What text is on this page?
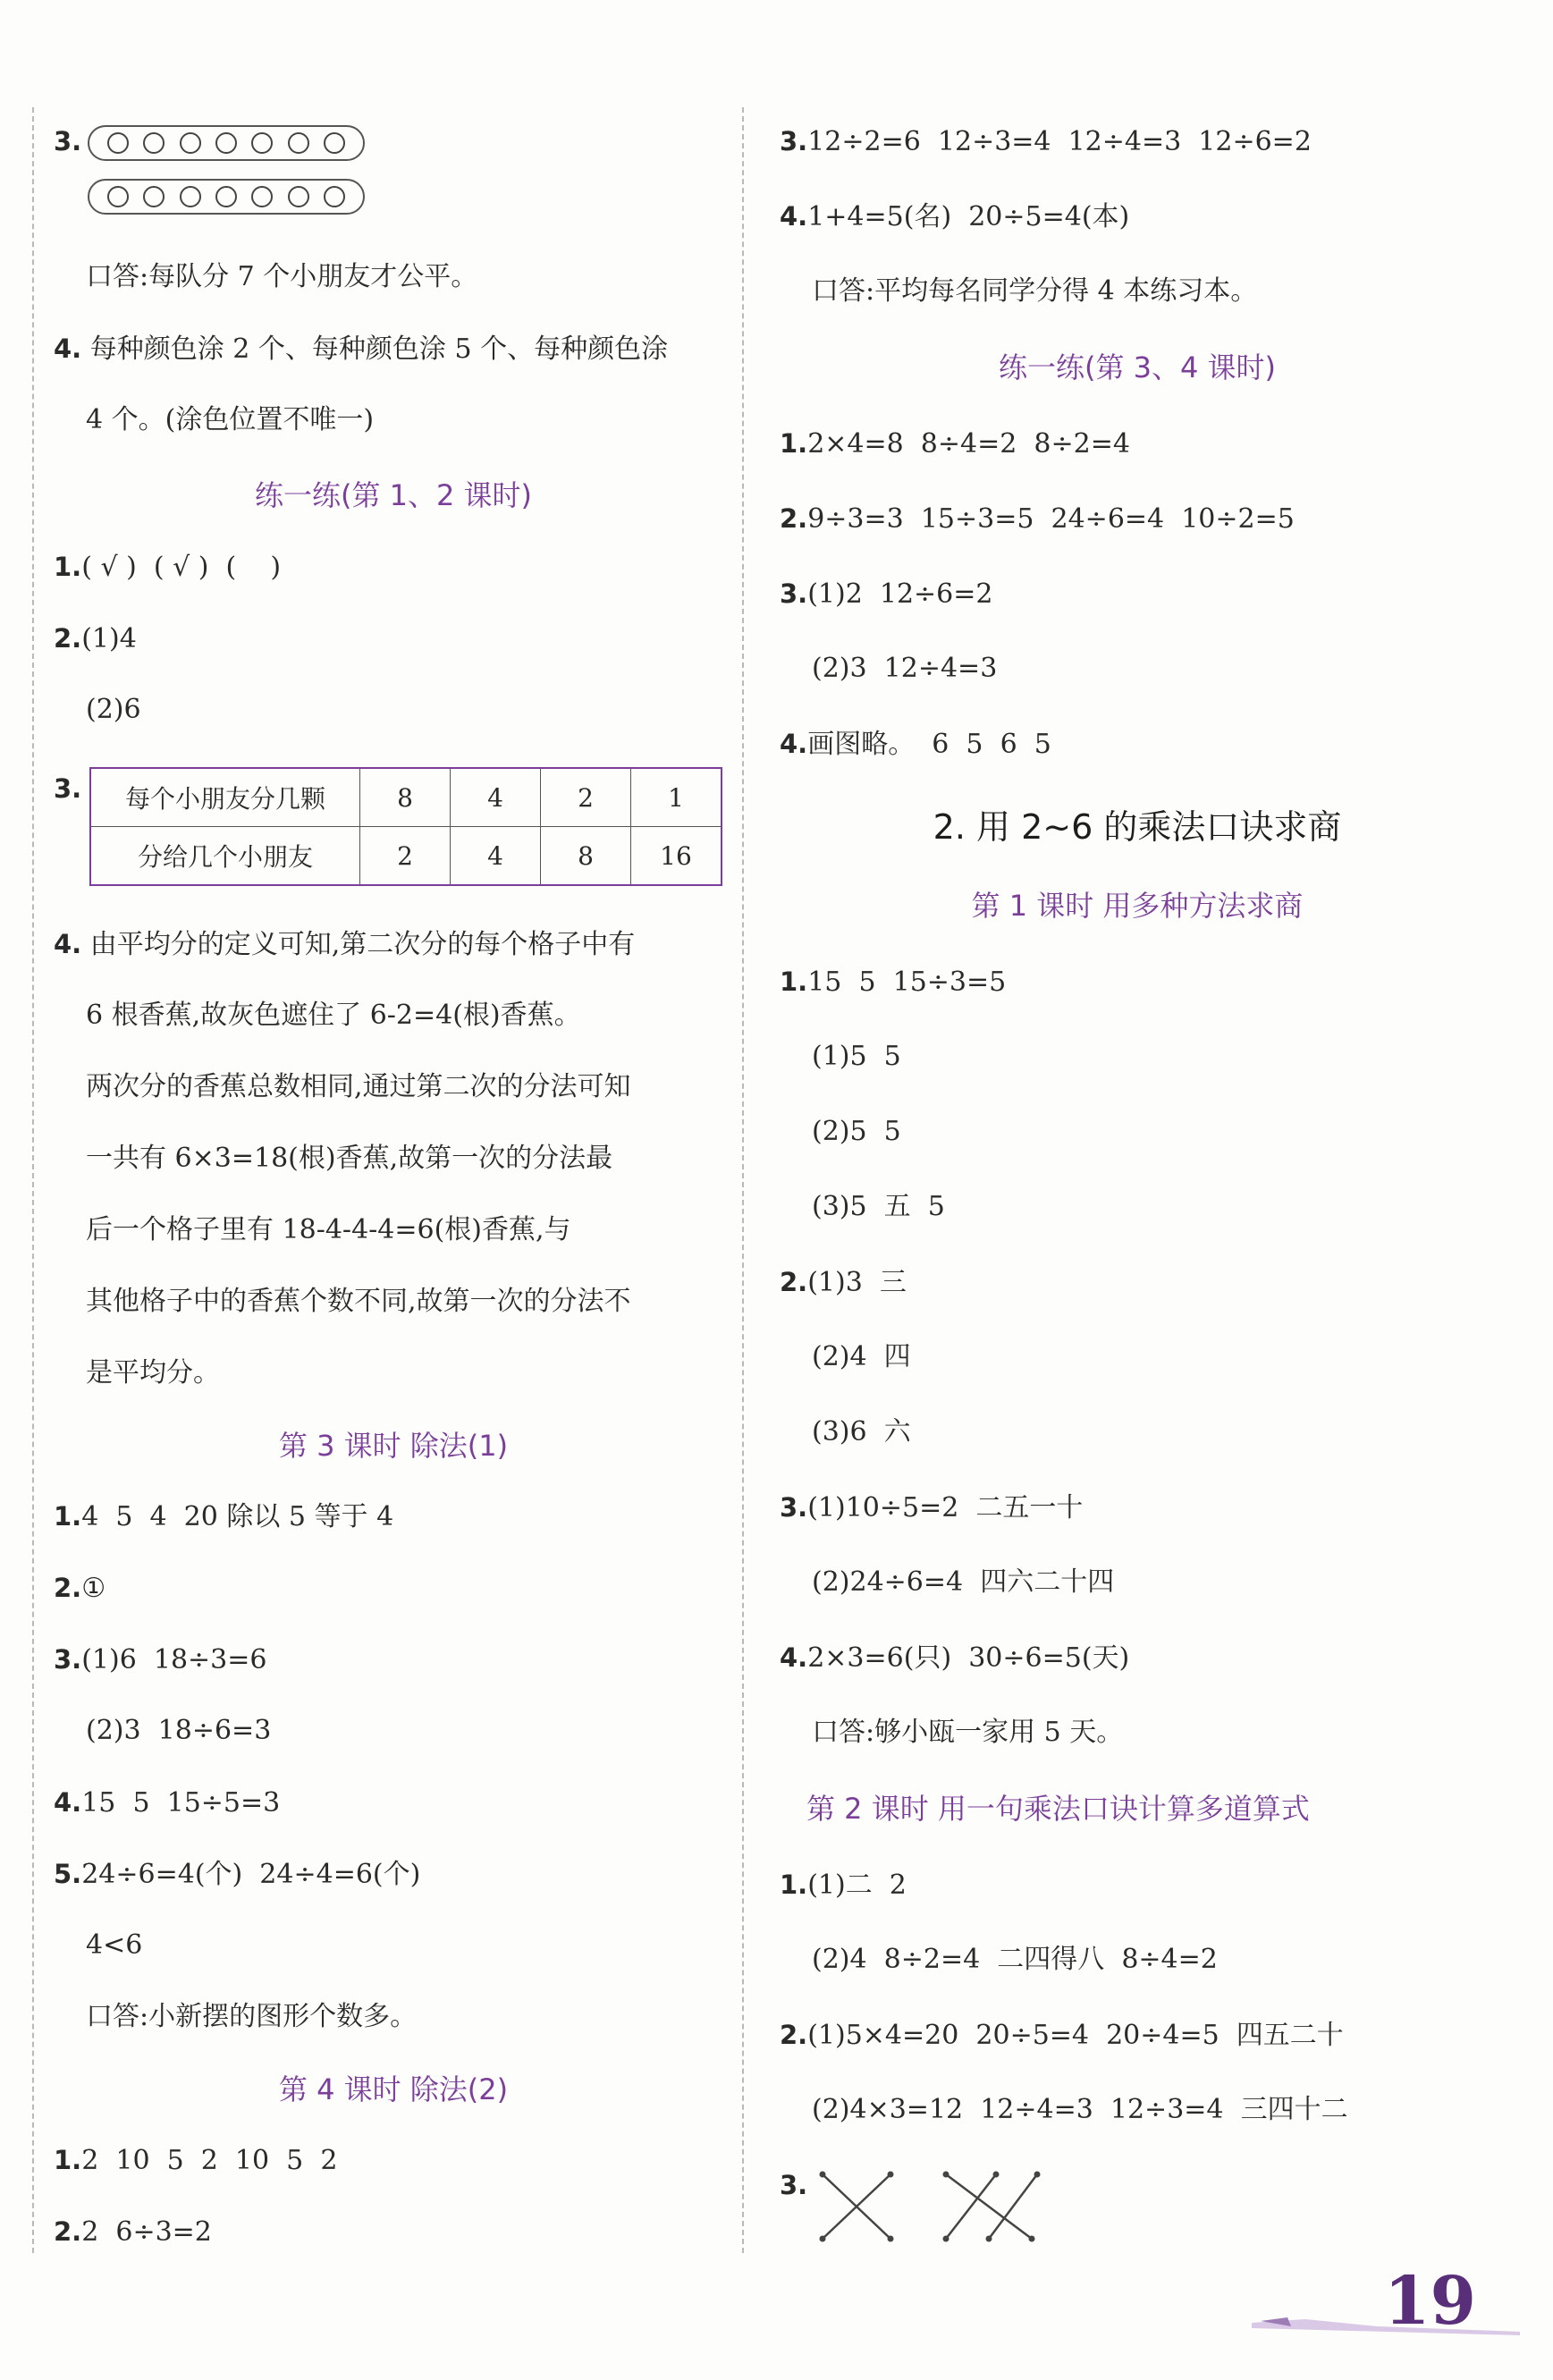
3.
口答:每队分 7 个小朋友才公平。
4. 每种颜色涂 2 个、每种颜色涂 5 个、每种颜色涂
4 个。(涂色位置不唯一)
练一练(第 1、2 课时)
1.( √ )  ( √ )  (    )
2.(1)4
(2)6
3. 每个小朋友分几颗	8	4	2	1
分给几个小朋友	2	4	8	16
4. 由平均分的定义可知,第二次分的每个格子中有
6 根香蕉,故灰色遮住了 6-2=4(根)香蕉。
两次分的香蕉总数相同,通过第二次的分法可知
一共有 6×3=18(根)香蕉,故第一次的分法最
后一个格子里有 18-4-4-4=6(根)香蕉,与
其他格子中的香蕉个数不同,故第一次的分法不
是平均分。
第 3 课时 除法(1)
1.4  5  4  20 除以 5 等于 4
2.①
3.(1)6  18÷3=6
(2)3  18÷6=3
4.15  5  15÷5=3
5.24÷6=4(个)  24÷4=6(个)
4<6
口答:小新摆的图形个数多。
第 4 课时 除法(2)
1.2  10  5  2  10  5  2
2.2  6÷3=2
3.12÷2=6  12÷3=4  12÷4=3  12÷6=2
4.1+4=5(名)  20÷5=4(本)
口答:平均每名同学分得 4 本练习本。
练一练(第 3、4 课时)
1.2×4=8  8÷4=2  8÷2=4
2.9÷3=3  15÷3=5  24÷6=4  10÷2=5
3.(1)2  12÷6=2
(2)3  12÷4=3
4.画图略。  6  5  6  5
2. 用 2~6 的乘法口诀求商
第 1 课时 用多种方法求商
1.15  5  15÷3=5
(1)5  5
(2)5  5
(3)5  五  5
2.(1)3  三
(2)4  四
(3)6  六
3.(1)10÷5=2  二五一十
(2)24÷6=4  四六二十四
4.2×3=6(只)  30÷6=5(天)
口答:够小瓯一家用 5 天。
第 2 课时 用一句乘法口诀计算多道算式
1.(1)二  2
(2)4  8÷2=4  二四得八  8÷4=2
2.(1)5×4=20  20÷5=4  20÷4=5  四五二十
(2)4×3=12  12÷4=3  12÷3=4  三四十二
3.
19
